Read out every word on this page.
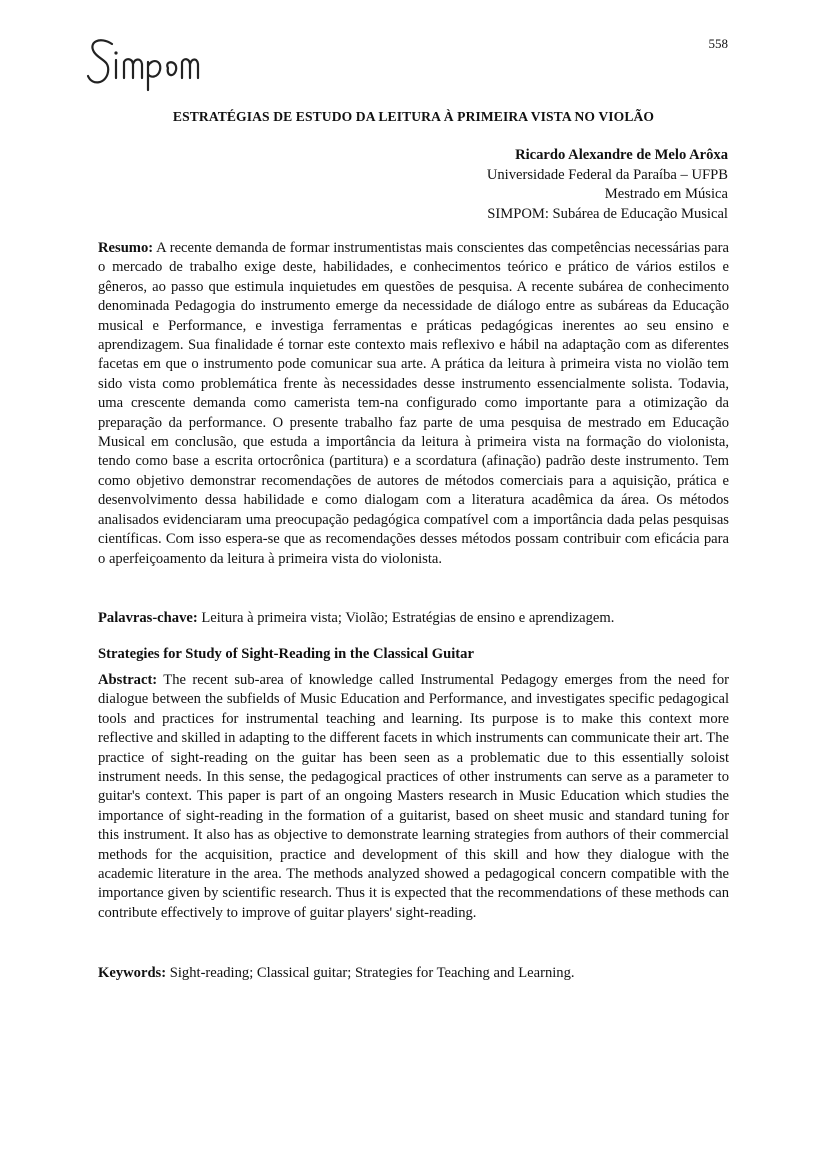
558
Simpom
ESTRATÉGIAS DE ESTUDO DA LEITURA À PRIMEIRA VISTA NO VIOLÃO
Ricardo Alexandre de Melo Arôxa
Universidade Federal da Paraíba – UFPB
Mestrado em Música
SIMPOM: Subárea de Educação Musical

Resumo: A recente demanda de formar instrumentistas mais conscientes das competências necessárias para o mercado de trabalho exige deste, habilidades, e conhecimentos teórico e prático de vários estilos e gêneros, ao passo que estimula inquietudes em questões de pesquisa. A recente subárea de conhecimento denominada Pedagogia do instrumento emerge da necessidade de diálogo entre as subáreas da Educação musical e Performance, e investiga ferramentas e práticas pedagógicas inerentes ao seu ensino e aprendizagem. Sua finalidade é tornar este contexto mais reflexivo e hábil na adaptação com as diferentes facetas em que o instrumento pode comunicar sua arte. A prática da leitura à primeira vista no violão tem sido vista como problemática frente às necessidades desse instrumento essencialmente solista. Todavia, uma crescente demanda como camerista tem-na configurado como importante para a otimização da preparação da performance. O presente trabalho faz parte de uma pesquisa de mestrado em Educação Musical em conclusão, que estuda a importância da leitura à primeira vista na formação do violonista, tendo como base a escrita ortocrônica (partitura) e a scordatura (afinação) padrão deste instrumento. Tem como objetivo demonstrar recomendações de autores de métodos comerciais para a aquisição, prática e desenvolvimento dessa habilidade e como dialogam com a literatura acadêmica da área. Os métodos analisados evidenciaram uma preocupação pedagógica compatível com a importância dada pelas pesquisas científicas. Com isso espera-se que as recomendações desses métodos possam contribuir com eficácia para o aperfeiçoamento da leitura à primeira vista do violonista.

Palavras-chave: Leitura à primeira vista; Violão; Estratégias de ensino e aprendizagem.

Strategies for Study of Sight-Reading in the Classical Guitar

Abstract: The recent sub-area of knowledge called Instrumental Pedagogy emerges from the need for dialogue between the subfields of Music Education and Performance, and investigates specific pedagogical tools and practices for instrumental teaching and learning. Its purpose is to make this context more reflective and skilled in adapting to the different facets in which instruments can communicate their art. The practice of sight-reading on the guitar has been seen as a problematic due to this essentially soloist instrument needs. In this sense, the pedagogical practices of other instruments can serve as a parameter to guitar's context. This paper is part of an ongoing Masters research in Music Education which studies the importance of sight-reading in the formation of a guitarist, based on sheet music and standard tuning for this instrument. It also has as objective to demonstrate learning strategies from authors of their commercial methods for the acquisition, practice and development of this skill and how they dialogue with the academic literature in the area. The methods analyzed showed a pedagogical concern compatible with the importance given by scientific research. Thus it is expected that the recommendations of these methods can contribute effectively to improve of guitar players' sight-reading.

Keywords: Sight-reading; Classical guitar; Strategies for Teaching and Learning.
